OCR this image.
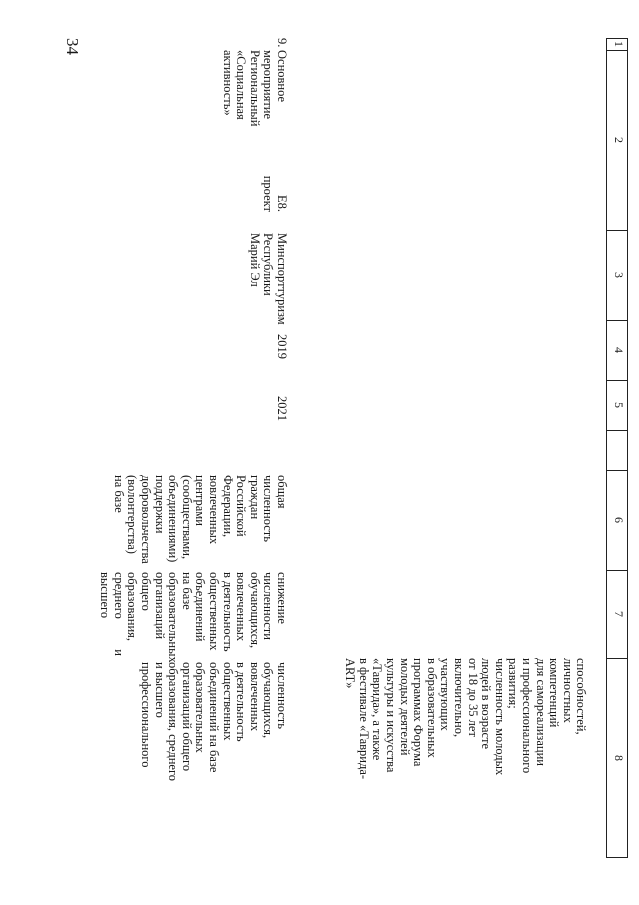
34	1
2
3
4
5
6
7
8

способностей,
личностных
компетенций
для самореализации
и профессионального
развития;
численность молодых
людей в возрасте
от 18 до 35 лет
включительно,
участвующих
в образовательных
программах Форума
молодых деятелей
культуры и искусства
«Таврида», а также
в фестивале «Таврида-
ART»

9.
Основное
мероприятие
Региональный
«Социальная
активность»
Е8.
проект
Минспорттуризм
Республики
Марий Эл
2019
2021
общая численность
граждан Российской
Федерации,
вовлеченных
центрами
(сообществами,
объединениями)
поддержки
добровольчества
(волонтерства)
на базе
снижение
численности
обучающихся,
вовлеченных
в деятельность
общественных
объединений на базе
образовательных
организаций общего
образования,
среднего и высшего
численность
обучающихся,
вовлеченных
в деятельность
общественных
объединений на базе
образовательных
организаций общего
образования, среднего
и высшего
профессионального
